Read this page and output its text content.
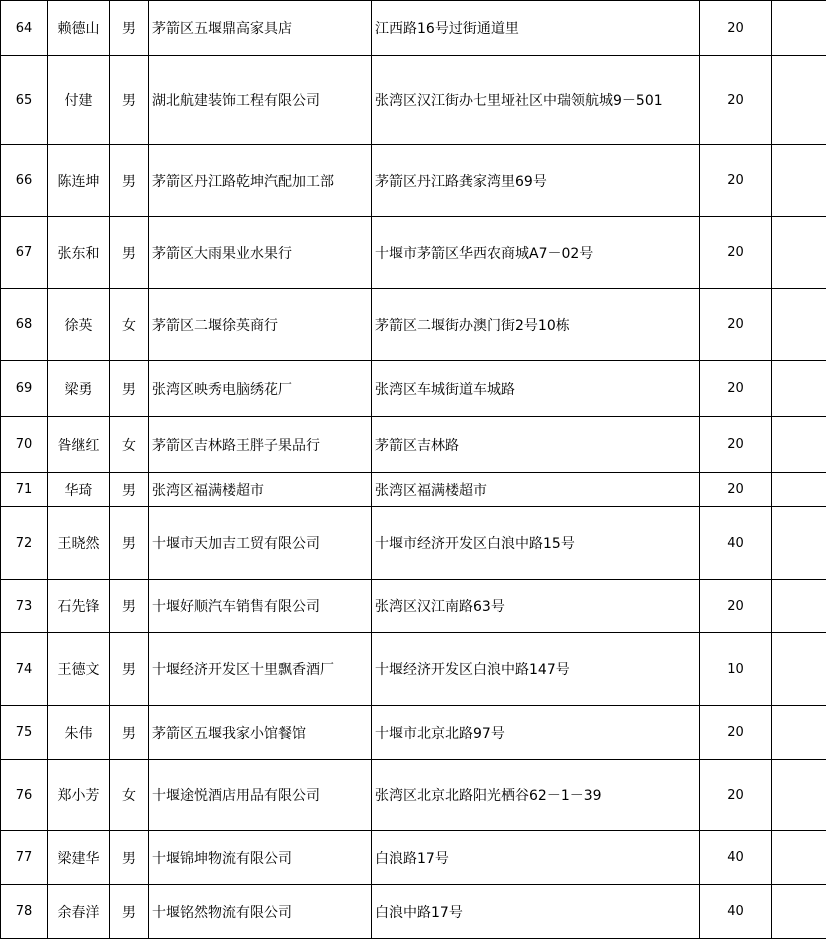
64	赖德山	男	茅箭区五堰鼎高家具店	江西路16号过街通道里	20	
65	付建	男	湖北航建装饰工程有限公司	张湾区汉江街办七里垭社区中瑞领航城9－501	20	
66	陈连坤	男	茅箭区丹江路乾坤汽配加工部	茅箭区丹江路龚家湾里69号	20	
67	张东和	男	茅箭区大雨果业水果行	十堰市茅箭区华西农商城A7－02号	20	
68	徐英	女	茅箭区二堰徐英商行	茅箭区二堰街办澳门街2号10栋	20	
69	梁勇	男	张湾区映秀电脑绣花厂	张湾区车城街道车城路	20	
70	昝继红	女	茅箭区吉林路王胖子果品行	茅箭区吉林路	20	
71	华琦	男	张湾区福满楼超市	张湾区福满楼超市	20	
72	王晓然	男	十堰市天加吉工贸有限公司	十堰市经济开发区白浪中路15号	40	
73	石先锋	男	十堰好顺汽车销售有限公司	张湾区汉江南路63号	20	
74	王德文	男	十堰经济开发区十里飘香酒厂	十堰经济开发区白浪中路147号	10	
75	朱伟	男	茅箭区五堰我家小馆餐馆	十堰市北京北路97号	20	
76	郑小芳	女	十堰途悦酒店用品有限公司	张湾区北京北路阳光栖谷62－1－39	20	
77	梁建华	男	十堰锦坤物流有限公司	白浪路17号	40	
78	余春洋	男	十堰铭然物流有限公司	白浪中路17号	40	
